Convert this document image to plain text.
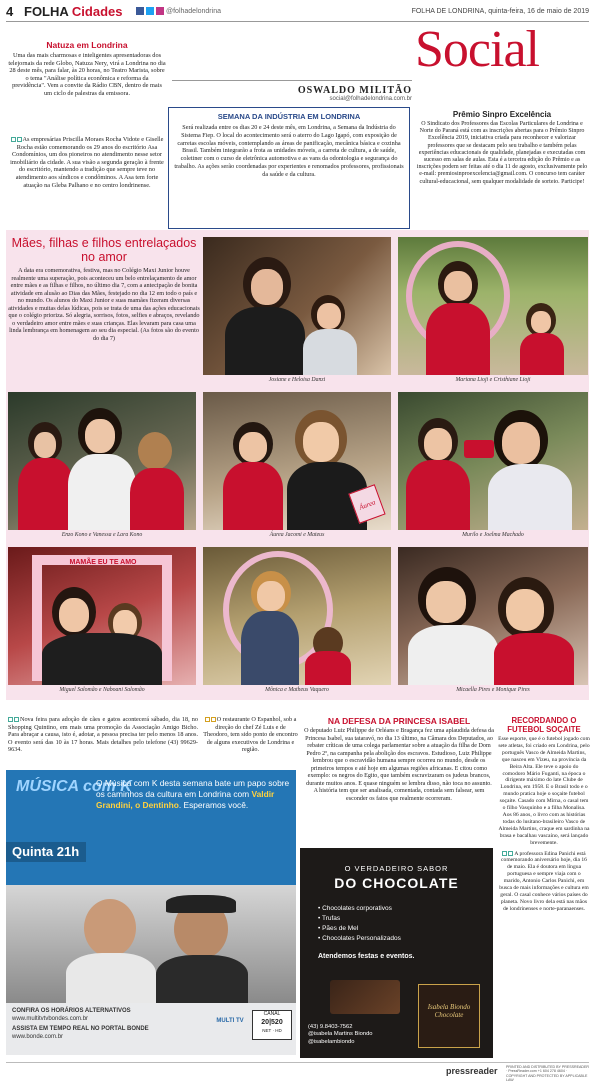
4 FOLHA Cidades	@folhadelondrina	FOLHA DE LONDRINA, quinta-feira, 16 de maio de 2019
Social
OSWALDO MILITÃO
social@folhadelondrina.com.br
Natuza em Londrina
Uma das mais charmosas e inteligentes apresentadoras dos telejornais da rede Globo, Natuza Nery, virá a Londrina no dia 28 deste mês, para falar, às 20 horas, no Teatro Marista, sobre o tema "Análise política econômica e reforma da previdência". Vem a convite da Rádio CBN, dentro de mais um ciclo de palestras da emissora.
As empresárias Priscilla Moraes Rocha Vidote e Giselle Rocha estão comemorando os 29 anos do escritório Asa Condomínios, um dos pioneiros no atendimento nesse setor imobiliário da cidade. A sua visão a segunda geração à frente do escritório, mantendo a tradição que sempre teve no atendimento aos síndicos e condôminos. A Asa tem forte atuação na Gleba Palhano e no centro londrinense.
SEMANA DA INDÚSTRIA EM LONDRINA
Será realizada entre os dias 20 e 24 deste mês, em Londrina, a Semana da Indústria do Sistema Fiep. O local do acontecimento será o aterro do Lago Igapó, com exposição de carretas escolas móveis, contemplando as áreas de panificação, mecânica básica e cozinha Brasil. Também integrarão a frota as unidades móveis, a carreta de cultura, a de saúde, coletiner com o curso de eletrônica automotiva e as vans da odontologia e segurança do trabalho. As ações serão coordenadas por experientes e renomados professores, profissionais da saúde e da cultura.
Prêmio Sinpro Excelência
O Sindicato dos Professores das Escolas Particulares de Londrina e Norte do Paraná está com as inscrições abertas para o Prêmio Sinpro Excelência 2019, iniciativa criada para reconhecer e valorizar professores que se destacam pelo seu trabalho e também pelas experiências educacionais de qualidade, planejadas e executadas com sucesso em salas de aulas. Esta é a terceira edição do Prêmio e as inscrições podem ser feitas até o dia 11 de agosto, exclusivamente pelo e-mail: premiosinproexcelencia@gmail.com. O concurso tem caráter cultural-educacional, sem qualquer modalidade de sorteio. Participe!
Mães, filhas e filhos entrelaçados no amor
A data era comemorativa, festiva, mas no Colégio Maxi Junior houve realmente uma superação, pois aconteceu um belo entrelaçamento de amor entre mães e as filhas e filhos, no último dia 7, com a antecipação de bonita atividade em alusão ao Dias das Mães, festejado no dia 12 em todo o país e no mundo. Os alunos do Maxi Junior e suas mamães fizeram diversas atividades e muitas delas lúdicas, pois se trata de uma das ações educacionais que o colégio prioriza. Só alegria, sorrisos, fotos, selfies e abraços, revelando o verdadeiro amor entre mães e suas crianças. Elas levaram para casa uma linda lembrança em homenagem ao seu dia especial. (As fotos são do evento do dia 7)
Josiane e Heloisa Danzi	Mariana Lioji e Cristhiane Lioji
Enzo Kono e Vanessa e Lara Kono
Áurea
Áurea Jacomi e Mateus	Murilo e Joelma Machado
MAMÃE EU TE AMO
Miguel Salomão e Naboani Salomão	Mônica e Matheus Vaquero	Micaella Pires e Monique Pires
Nova feira para adoção de cães e gatos acontecerá sábado, dia 18, no Shopping Quintino, em mais uma promoção da Associação Amigo Bicho. Para abraçar a causa, isto é, adotar, a pessoa precisa ter pelo menos 18 anos. O evento será das 10 às 17 horas. Mais detalhes pelo telefone (43) 99629-9634.
O restaurante O Espanhol, sob a direção do chef Zé Luis e de Theodoro, tem sido ponto de encontro de alguns executivos de Londrina e região.
NA DEFESA DA PRINCESA ISABEL
O deputado Luiz Philippe de Orléans e Bragança fez uma aplaudida defesa da Princesa Isabel, sua tataravó, no dia 13 último, na Câmara dos Deputados, ao rebater críticas de uma colega parlamentar sobre a atuação da filha de Dom Pedro 2º, na campanha pela abolição dos escravos. Estudioso, Luiz Philippe lembrou que o escravidão humana sempre ocorreu no mundo, desde os primeiros tempos e até hoje em algumas regiões africanas. E citou como exemplo: os negros do Egito, que também escravizaram os judeus brancos, durante muitos anos. E quase ninguém se lembra disso, não toca no assunto. A história tem que ser analisada, comentada, contada sem falsear, sem esconder os fatos que realmente ocorreram.
RECORDANDO O FUTEBOL SOÇAITE
Esse esporte, que é o futebol jogado com sete atletas, foi criado em Londrina, pelo português Vasco de Almeida Martins, que nasceu em Vizeu, na província da Beira Alta. Ele teve o apoio do comodoro Mário Fuganti, na época o dirigente máximo do late Clube de Londrina, em 1958. E o Brasil todo e o mundo pratica hoje o soçaite futebol soçaite. Casado com Mirna, o casal tem o filho Vasquinho e a filha Monalisa. Aos 86 anos, o livro com as histórias todas do lusitano-brasileiro Vasco de Almeida Martins, craque em sardinha na brasa e bacalhau vascaíno, será lançado brevemente.
A professora Edina Panichi está comemorando aniversário hoje, dia 16 de maio. Ela é doutora em língua portuguesa e sempre viaja com o marido, Antonio Carlos Panichi, em busca de mais informações e cultura em geral. O casal conhece vários países do planeta. Novo livro dela está nas mãos de londrinenses e norte-paranaenses.
MÚSICA com K
Quinta 21h
O Música com K desta semana bate um papo sobre os caminhos da cultura em Londrina com Valdir Grandini, o Dentinho. Esperamos você.
CONFIRA OS HORÁRIOS ALTERNATIVOS
www.multitvtvbondes.com.br
ASSISTA EM TEMPO REAL NO PORTAL BONDE
www.bonde.com.br
MULTI TV
CANAL
20|520
NET · HD
O VERDADEIRO SABOR
DO CHOCOLATE
• Chocolates corporativos
• Trufas
• Pães de Mel
• Chocolates Personalizados
Atendemos festas e eventos.
Isabela Biondo Chocolate
(43) 9.8403-7562
@isabela Martins Biondo
@isabelambiondo
pressreader PRINTED AND DISTRIBUTED BY PRESSREADER · PressReader.com +1 604 278 4604 · COPYRIGHT AND PROTECTED BY APPLICABLE LAW
